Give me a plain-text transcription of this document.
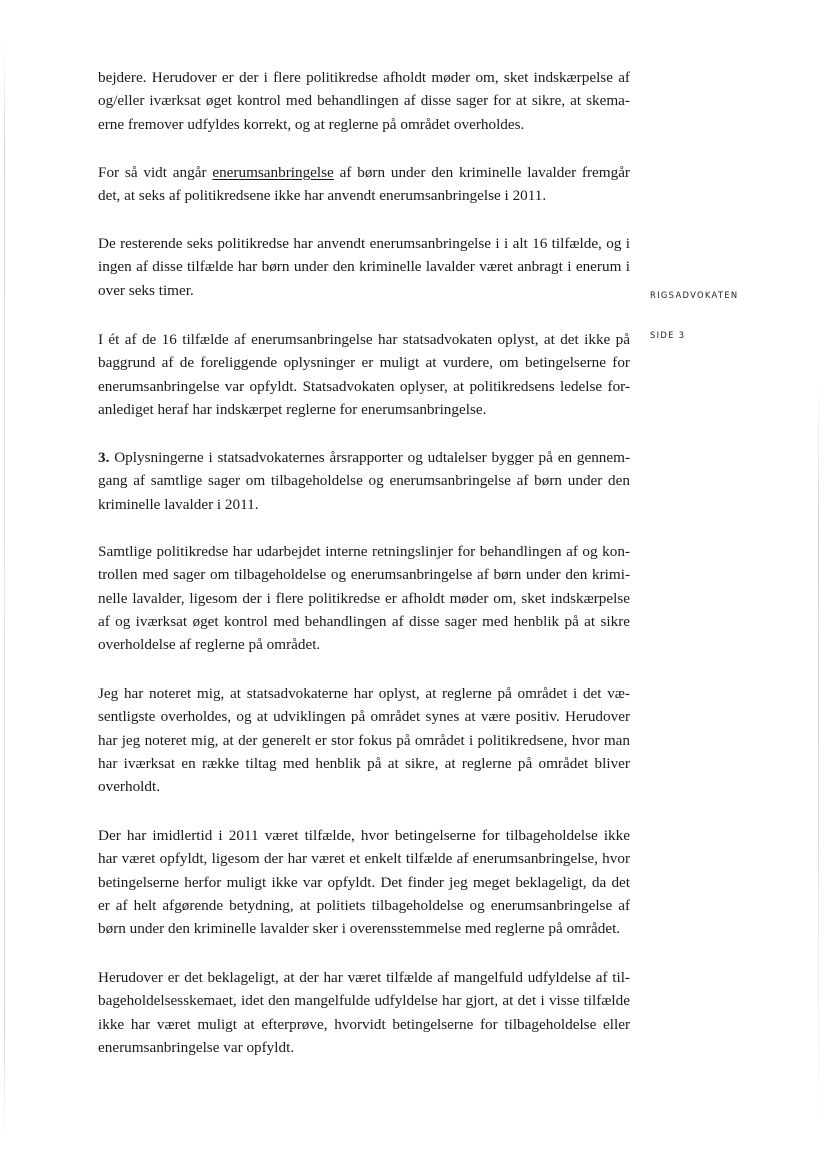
RIGSADVOKATEN
SIDE 3

bejdere. Herudover er der i flere politikredse afholdt møder om, sket indskærpelse af
og/eller iværksat øget kontrol med behandlingen af disse sager for at sikre, at skema-
erne fremover udfyldes korrekt, og at reglerne på området overholdes.

For så vidt angår enerumsanbringelse af børn under den kriminelle lavalder fremgår
det, at seks af politikredsene ikke har anvendt enerumsanbringelse i 2011.

De resterende seks politikredse har anvendt enerumsanbringelse i i alt 16 tilfælde, og i
ingen af disse tilfælde har børn under den kriminelle lavalder været anbragt i enerum i
over seks timer.

I ét af de 16 tilfælde af enerumsanbringelse har statsadvokaten oplyst, at det ikke på
baggrund af de foreliggende oplysninger er muligt at vurdere, om betingelserne for
enerumsanbringelse var opfyldt. Statsadvokaten oplyser, at politikredsens ledelse for-
anlediget heraf har indskærpet reglerne for enerumsanbringelse.

3. Oplysningerne i statsadvokaternes årsrapporter og udtalelser bygger på en gennem-
gang af samtlige sager om tilbageholdelse og enerumsanbringelse af børn under den
kriminelle lavalder i 2011.

Samtlige politikredse har udarbejdet interne retningslinjer for behandlingen af og kon-
trollen med sager om tilbageholdelse og enerumsanbringelse af børn under den krimi-
nelle lavalder, ligesom der i flere politikredse er afholdt møder om, sket indskærpelse
af og iværksat øget kontrol med behandlingen af disse sager med henblik på at sikre
overholdelse af reglerne på området.

Jeg har noteret mig, at statsadvokaterne har oplyst, at reglerne på området i det væ-
sentligste overholdes, og at udviklingen på området synes at være positiv. Herudover
har jeg noteret mig, at der generelt er stor fokus på området i politikredsene, hvor man
har iværksat en række tiltag med henblik på at sikre, at reglerne på området bliver
overholdt.

Der har imidlertid i 2011 været tilfælde, hvor betingelserne for tilbageholdelse ikke
har været opfyldt, ligesom der har været et enkelt tilfælde af enerumsanbringelse, hvor
betingelserne herfor muligt ikke var opfyldt. Det finder jeg meget beklageligt, da det
er af helt afgørende betydning, at politiets tilbageholdelse og enerumsanbringelse af
børn under den kriminelle lavalder sker i overensstemmelse med reglerne på området.

Herudover er det beklageligt, at der har været tilfælde af mangelfuld udfyldelse af til-
bageholdelsesskemaet, idet den mangelfulde udfyldelse har gjort, at det i visse tilfælde
ikke har været muligt at efterprøve, hvorvidt betingelserne for tilbageholdelse eller
enerumsanbringelse var opfyldt.
